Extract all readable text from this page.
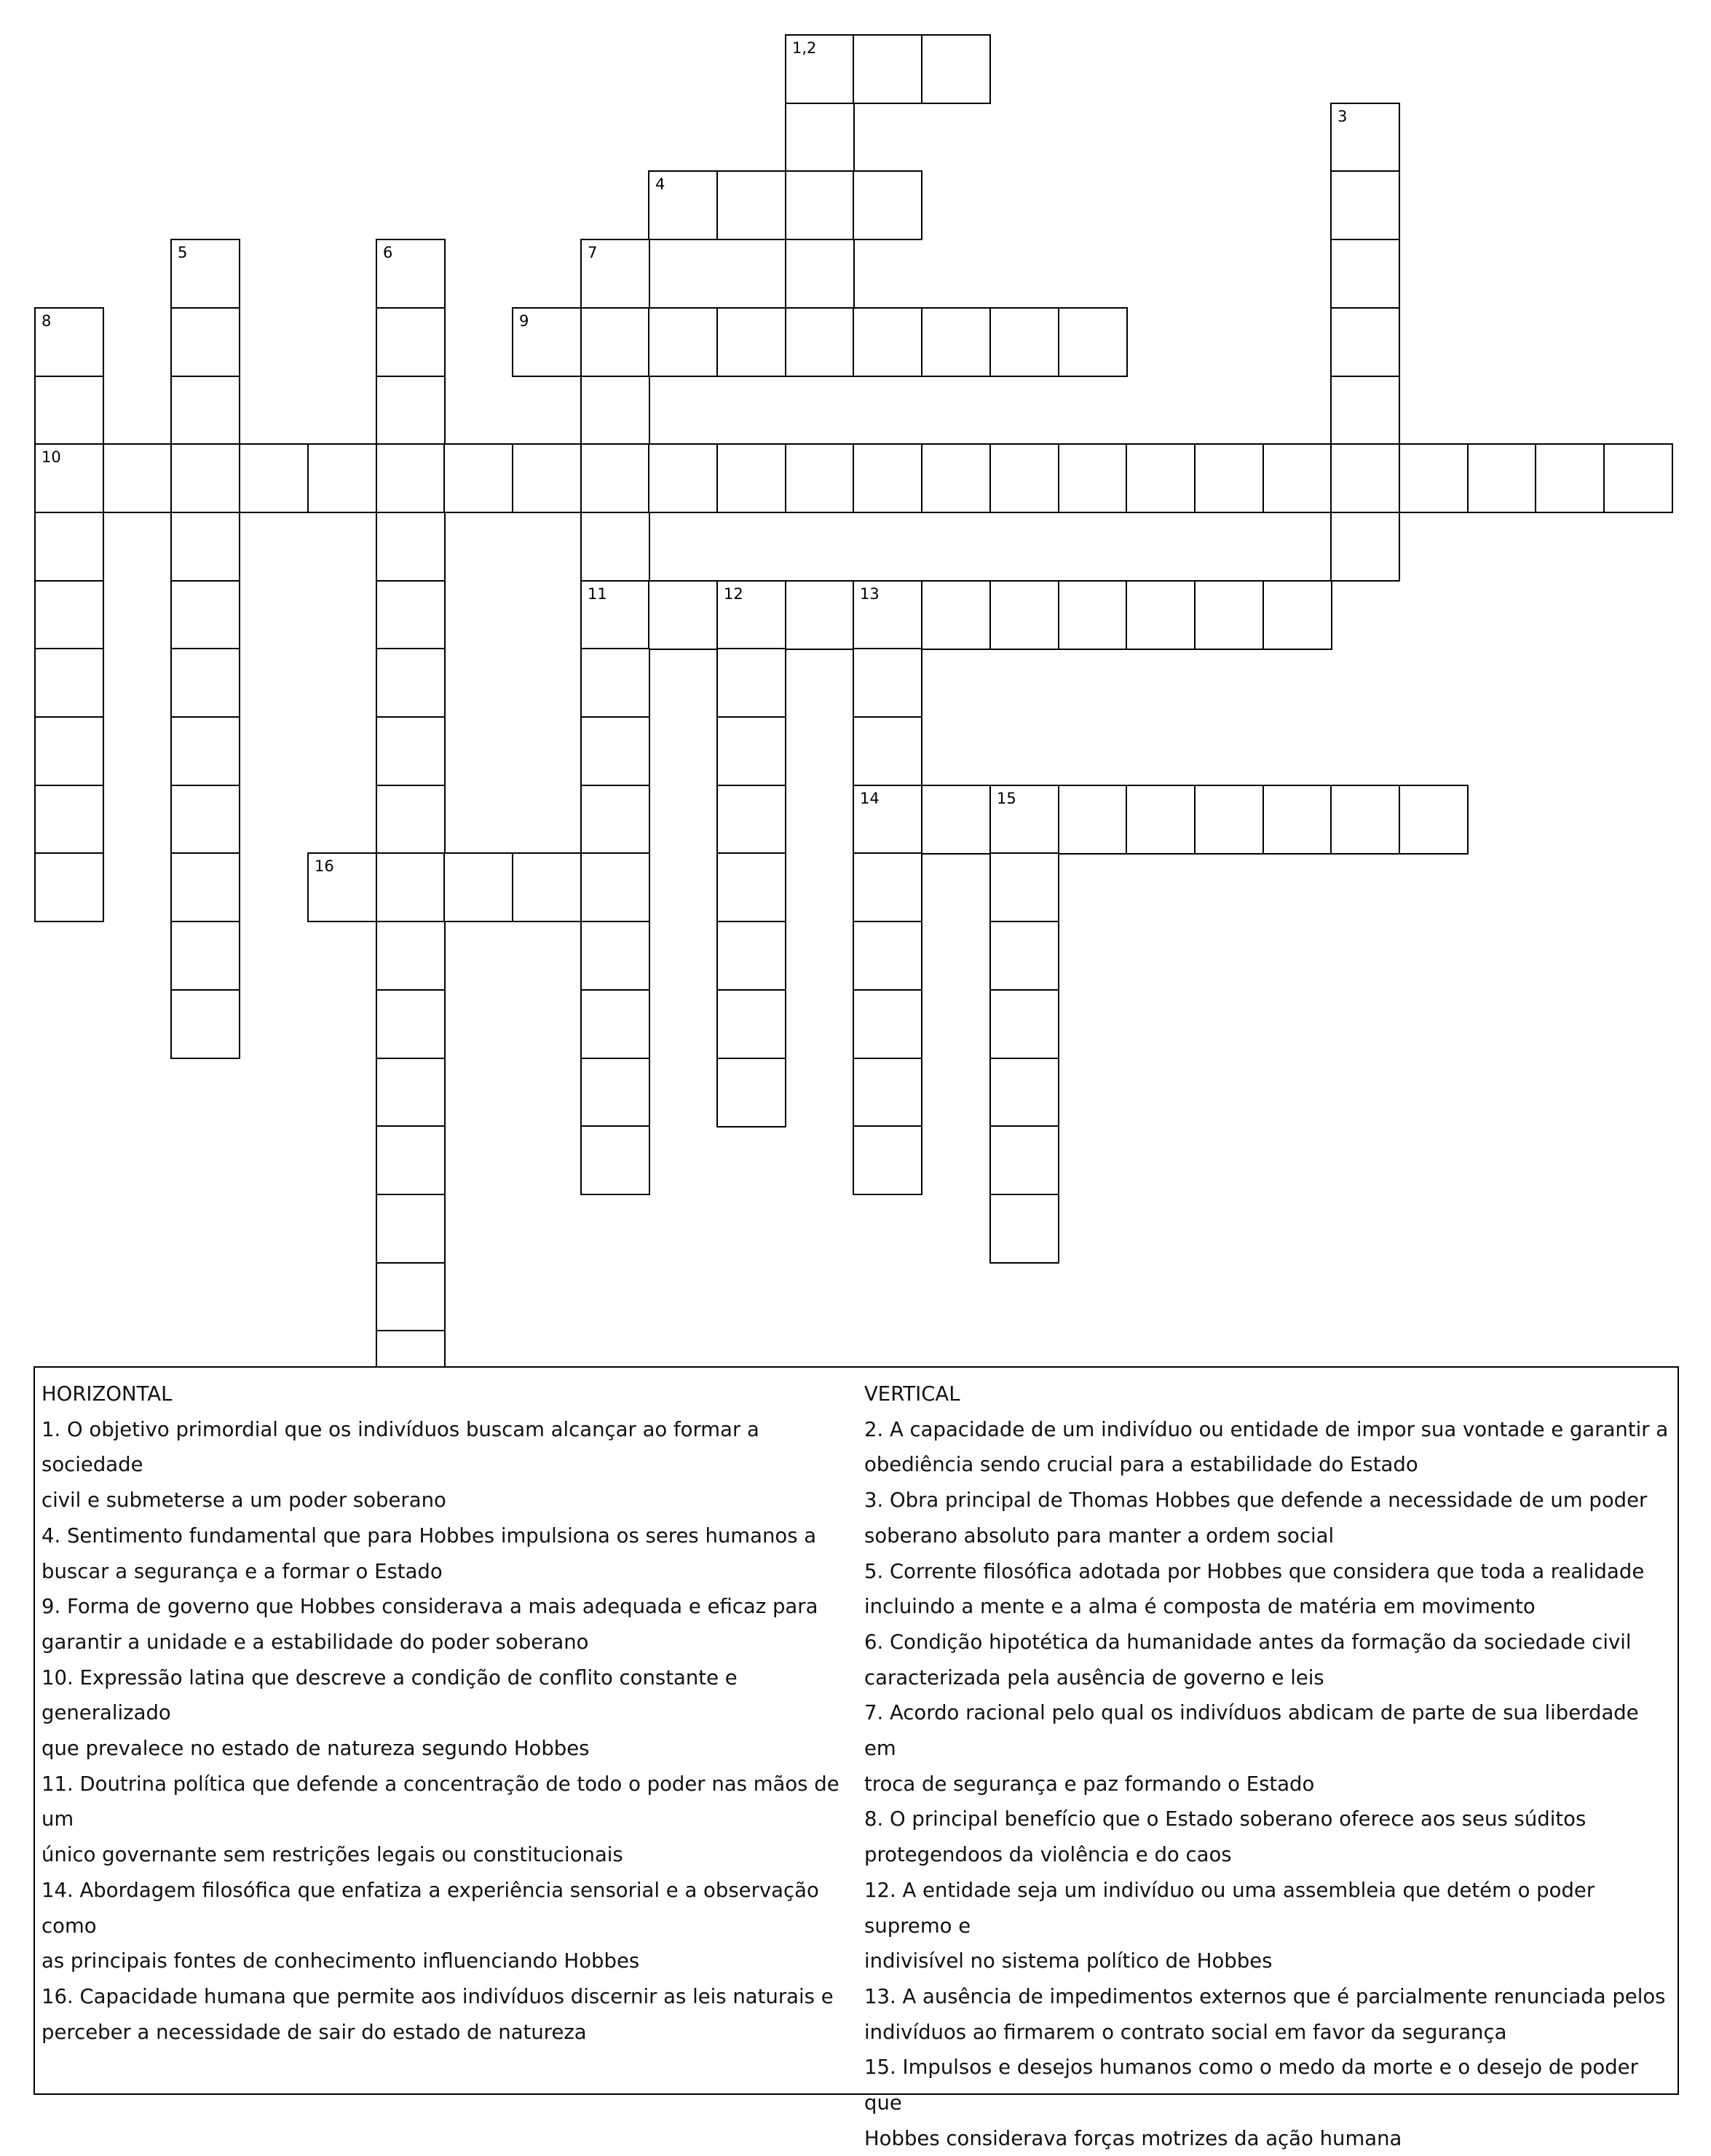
1,2
3
4
5	6	7
8	9
10
11	12	13
14	15
16
HORIZONTAL
1. O objetivo primordial que os indivíduos buscam alcançar ao formar a sociedade
civil e submeterse a um poder soberano
4. Sentimento fundamental que para Hobbes impulsiona os seres humanos a
buscar a segurança e a formar o Estado
9. Forma de governo que Hobbes considerava a mais adequada e eficaz para
garantir a unidade e a estabilidade do poder soberano
10. Expressão latina que descreve a condição de conflito constante e generalizado
que prevalece no estado de natureza segundo Hobbes
11. Doutrina política que defende a concentração de todo o poder nas mãos de um
único governante sem restrições legais ou constitucionais
14. Abordagem filosófica que enfatiza a experiência sensorial e a observação como
as principais fontes de conhecimento influenciando Hobbes
16. Capacidade humana que permite aos indivíduos discernir as leis naturais e
perceber a necessidade de sair do estado de natureza
VERTICAL
2. A capacidade de um indivíduo ou entidade de impor sua vontade e garantir a
obediência sendo crucial para a estabilidade do Estado
3. Obra principal de Thomas Hobbes que defende a necessidade de um poder
soberano absoluto para manter a ordem social
5. Corrente filosófica adotada por Hobbes que considera que toda a realidade
incluindo a mente e a alma é composta de matéria em movimento
6. Condição hipotética da humanidade antes da formação da sociedade civil
caracterizada pela ausência de governo e leis
7. Acordo racional pelo qual os indivíduos abdicam de parte de sua liberdade em
troca de segurança e paz formando o Estado
8. O principal benefício que o Estado soberano oferece aos seus súditos
protegendoos da violência e do caos
12. A entidade seja um indivíduo ou uma assembleia que detém o poder supremo e
indivisível no sistema político de Hobbes
13. A ausência de impedimentos externos que é parcialmente renunciada pelos
indivíduos ao firmarem o contrato social em favor da segurança
15. Impulsos e desejos humanos como o medo da morte e o desejo de poder que
Hobbes considerava forças motrizes da ação humana
